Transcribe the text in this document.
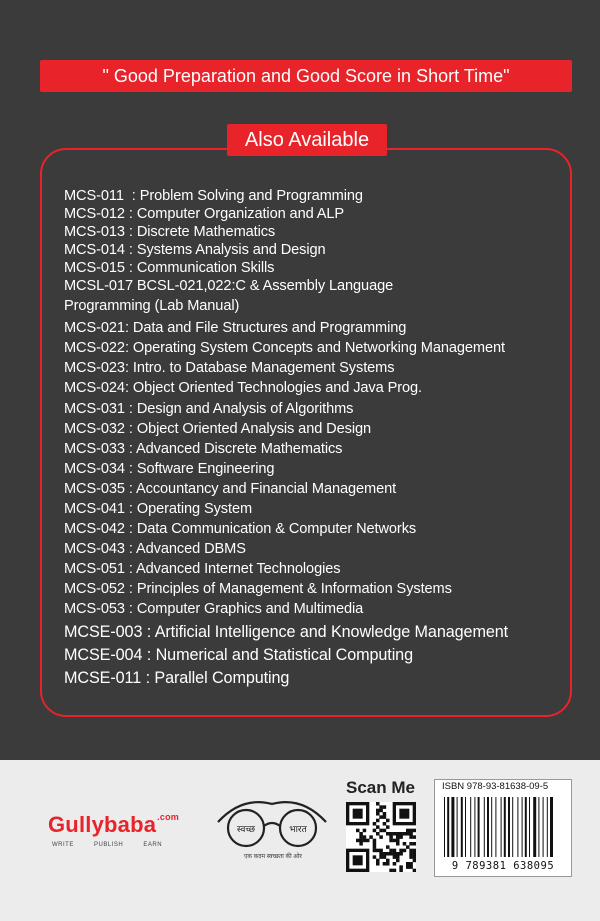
" Good Preparation and Good Score in Short Time"
Also Available
MCS-011  : Problem Solving and Programming
MCS-012 : Computer Organization and ALP
MCS-013 : Discrete Mathematics
MCS-014 : Systems Analysis and Design
MCS-015 : Communication Skills
MCSL-017 BCSL-021,022:C & Assembly Language
Programming (Lab Manual)
MCS-021: Data and File Structures and Programming
MCS-022: Operating System Concepts and Networking Management
MCS-023: Intro. to Database Management Systems
MCS-024: Object Oriented Technologies and Java Prog.
MCS-031 : Design and Analysis of Algorithms
MCS-032 : Object Oriented Analysis and Design
MCS-033 : Advanced Discrete Mathematics
MCS-034 : Software Engineering
MCS-035 : Accountancy and Financial Management
MCS-041 : Operating System
MCS-042 : Data Communication & Computer Networks
MCS-043 : Advanced DBMS
MCS-051 : Advanced Internet Technologies
MCS-052 : Principles of Management & Information Systems
MCS-053 : Computer Graphics and Multimedia
MCSE-003 : Artificial Intelligence and Knowledge Management
MCSE-004 : Numerical and Statistical Computing
MCSE-011 : Parallel Computing
Gullybaba$^{.com}$
WRITE	PUBLISH	EARN
स्वच्छ	भारत
एक कदम स्वच्छता की ओर
Scan Me	ISBN 978-93-81638-09-5
9 789381 638095
